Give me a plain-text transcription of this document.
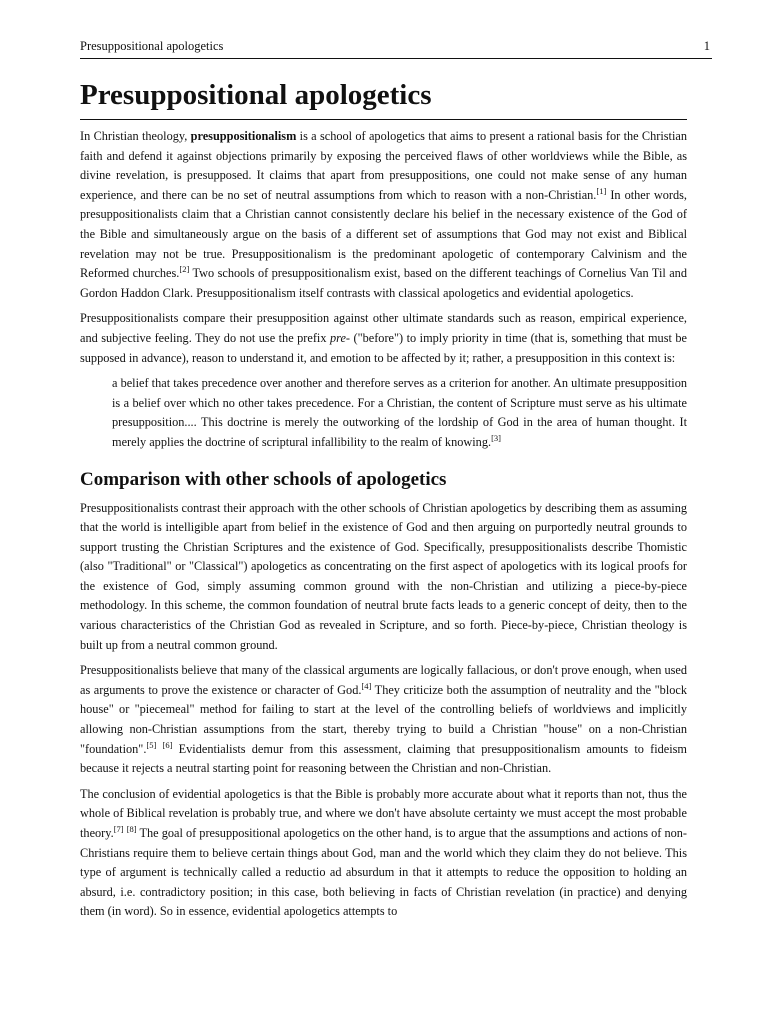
Presuppositional apologetics	1
Presuppositional apologetics

In Christian theology, presuppositionalism is a school of apologetics that aims to present a rational basis for the Christian faith and defend it against objections primarily by exposing the perceived flaws of other worldviews while the Bible, as divine revelation, is presupposed. It claims that apart from presuppositions, one could not make sense of any human experience, and there can be no set of neutral assumptions from which to reason with a non-Christian.[1] In other words, presuppositionalists claim that a Christian cannot consistently declare his belief in the necessary existence of the God of the Bible and simultaneously argue on the basis of a different set of assumptions that God may not exist and Biblical revelation may not be true. Presuppositionalism is the predominant apologetic of contemporary Calvinism and the Reformed churches.[2] Two schools of presuppositionalism exist, based on the different teachings of Cornelius Van Til and Gordon Haddon Clark. Presuppositionalism itself contrasts with classical apologetics and evidential apologetics.

Presuppositionalists compare their presupposition against other ultimate standards such as reason, empirical experience, and subjective feeling. They do not use the prefix pre- ("before") to imply priority in time (that is, something that must be supposed in advance), reason to understand it, and emotion to be affected by it; rather, a presupposition in this context is:

a belief that takes precedence over another and therefore serves as a criterion for another. An ultimate presupposition is a belief over which no other takes precedence. For a Christian, the content of Scripture must serve as his ultimate presupposition.... This doctrine is merely the outworking of the lordship of God in the area of human thought. It merely applies the doctrine of scriptural infallibility to the realm of knowing.[3]

Comparison with other schools of apologetics

Presuppositionalists contrast their approach with the other schools of Christian apologetics by describing them as assuming that the world is intelligible apart from belief in the existence of God and then arguing on purportedly neutral grounds to support trusting the Christian Scriptures and the existence of God. Specifically, presuppositionalists describe Thomistic (also "Traditional" or "Classical") apologetics as concentrating on the first aspect of apologetics with its logical proofs for the existence of God, simply assuming common ground with the non-Christian and utilizing a piece-by-piece methodology. In this scheme, the common foundation of neutral brute facts leads to a generic concept of deity, then to the various characteristics of the Christian God as revealed in Scripture, and so forth. Piece-by-piece, Christian theology is built up from a neutral common ground.

Presuppositionalists believe that many of the classical arguments are logically fallacious, or don't prove enough, when used as arguments to prove the existence or character of God.[4] They criticize both the assumption of neutrality and the "block house" or "piecemeal" method for failing to start at the level of the controlling beliefs of worldviews and implicitly allowing non-Christian assumptions from the start, thereby trying to build a Christian "house" on a non-Christian "foundation".[5] [6] Evidentialists demur from this assessment, claiming that presuppositionalism amounts to fideism because it rejects a neutral starting point for reasoning between the Christian and non-Christian.

The conclusion of evidential apologetics is that the Bible is probably more accurate about what it reports than not, thus the whole of Biblical revelation is probably true, and where we don't have absolute certainty we must accept the most probable theory.[7] [8] The goal of presuppositional apologetics on the other hand, is to argue that the assumptions and actions of non-Christians require them to believe certain things about God, man and the world which they claim they do not believe. This type of argument is technically called a reductio ad absurdum in that it attempts to reduce the opposition to holding an absurd, i.e. contradictory position; in this case, both believing in facts of Christian revelation (in practice) and denying them (in word). So in essence, evidential apologetics attempts to
